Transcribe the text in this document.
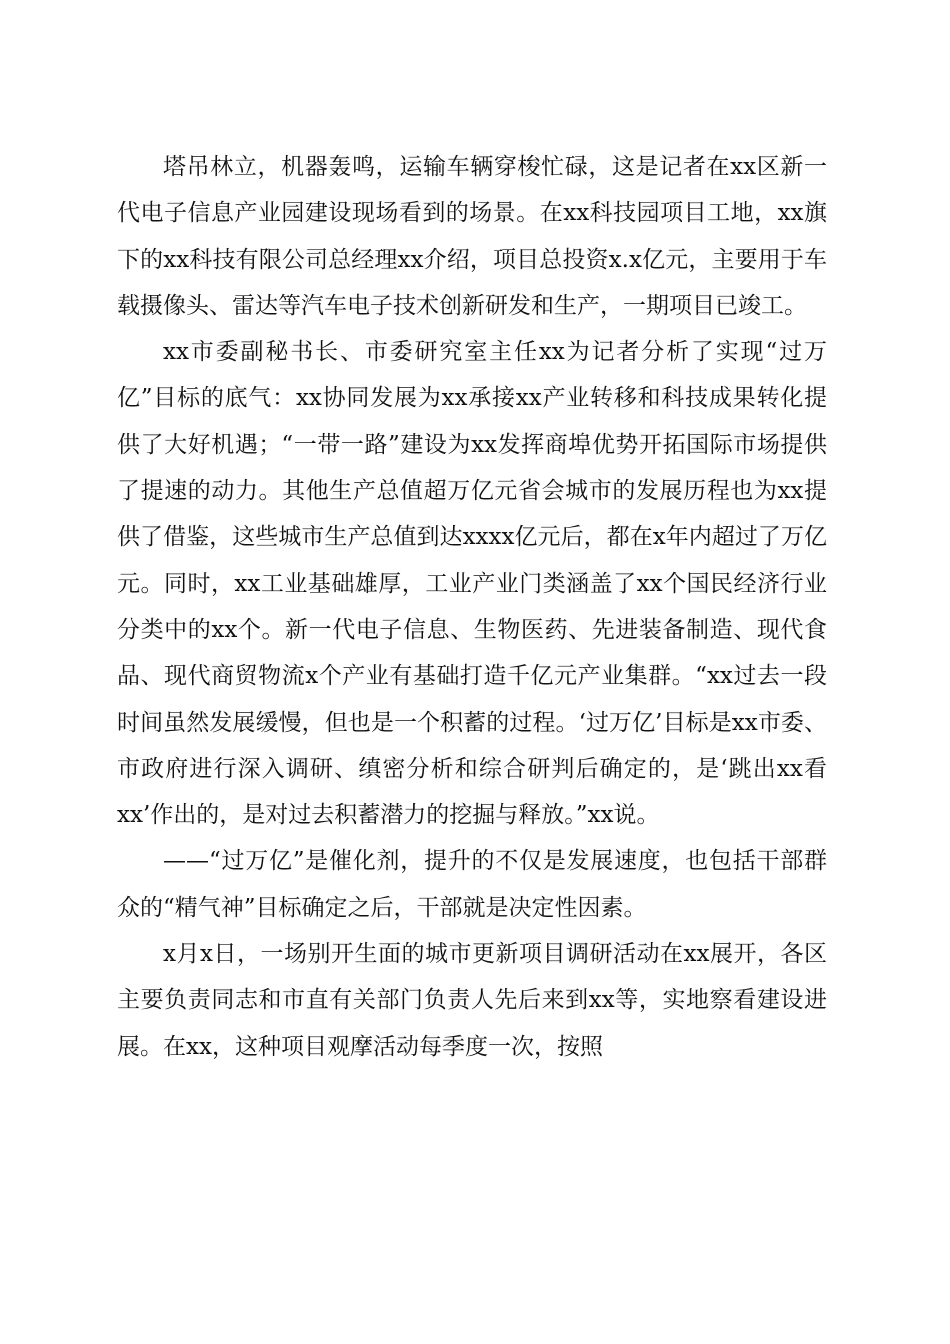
塔吊林立，机器轰鸣，运输车辆穿梭忙碌，这是记者在xx区新一代电子信息产业园建设现场看到的场景。在xx科技园项目工地，xx旗下的xx科技有限公司总经理xx介绍，项目总投资x.x亿元，主要用于车载摄像头、雷达等汽车电子技术创新研发和生产，一期项目已竣工。

xx市委副秘书长、市委研究室主任xx为记者分析了实现“过万亿”目标的底气：xx协同发展为xx承接xx产业转移和科技成果转化提供了大好机遇；“一带一路”建设为xx发挥商埠优势开拓国际市场提供了提速的动力。其他生产总值超万亿元省会城市的发展历程也为xx提供了借鉴，这些城市生产总值到达xxxx亿元后，都在x年内超过了万亿元。同时，xx工业基础雄厚，工业产业门类涵盖了xx个国民经济行业分类中的xx个。新一代电子信息、生物医药、先进装备制造、现代食品、现代商贸物流x个产业有基础打造千亿元产业集群。“xx过去一段时间虽然发展缓慢，但也是一个积蓄的过程。‘过万亿’目标是xx市委、市政府进行深入调研、缜密分析和综合研判后确定的，是‘跳出xx看xx’作出的，是对过去积蓄潜力的挖掘与释放。”xx说。

——“过万亿”是催化剂，提升的不仅是发展速度，也包括干部群众的“精气神”目标确定之后，干部就是决定性因素。

x月x日，一场别开生面的城市更新项目调研活动在xx展开，各区主要负责同志和市直有关部门负责人先后来到xx等，实地察看建设进展。在xx，这种项目观摩活动每季度一次，按照
